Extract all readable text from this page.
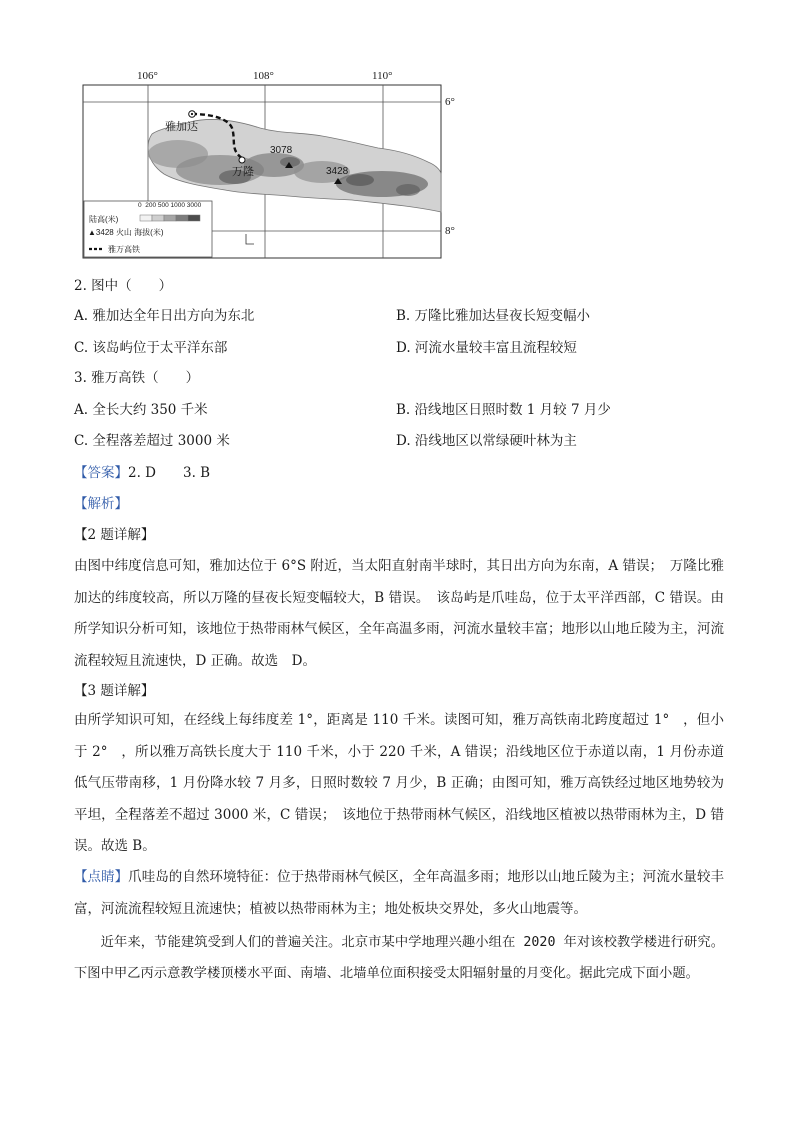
106°	108°	110°
6°
8°
雅加达
万隆
3078
3428
陆高(米)
0  200 500 1000 3000
▲3428 火山 海拔(米)
雅万高铁
2. 图中（　　）
A. 雅加达全年日出方向为东北	B. 万隆比雅加达昼夜长短变幅小
C. 该岛屿位于太平洋东部	D. 河流水量较丰富且流程较短
3. 雅万高铁（　　）
A. 全长大约 350 千米	B. 沿线地区日照时数 1 月较 7 月少
C. 全程落差超过 3000 米	D. 沿线地区以常绿硬叶林为主
【答案】2. D　　3. B
【解析】
【2 题详解】
由图中纬度信息可知，雅加达位于 6°S 附近，当太阳直射南半球时，其日出方向为东南，A 错误；　万隆比雅加达的纬度较高，所以万隆的昼夜长短变幅较大，B 错误。　该岛屿是爪哇岛，位于太平洋西部，C 错误。由所学知识分析可知，该地位于热带雨林气候区，全年高温多雨，河流水量较丰富；地形以山地丘陵为主，河流流程较短且流速快，D 正确。故选　D。
【3 题详解】
由所学知识可知，在经线上每纬度差 1°，距离是 110 千米。读图可知，雅万高铁南北跨度超过 1°　，但小于 2°　，所以雅万高铁长度大于 110 千米，小于 220 千米，A 错误；沿线地区位于赤道以南，1 月份赤道低气压带南移，1 月份降水较 7 月多，日照时数较 7 月少，B 正确；由图可知，雅万高铁经过地区地势较为平坦，全程落差不超过 3000 米，C 错误；　该地位于热带雨林气候区，沿线地区植被以热带雨林为主，D 错误。故选 B。
【点睛】爪哇岛的自然环境特征：位于热带雨林气候区，全年高温多雨；地形以山地丘陵为主；河流水量较丰富，河流流程较短且流速快；植被以热带雨林为主；地处板块交界处，多火山地震等。
近年来，节能建筑受到人们的普遍关注。北京市某中学地理兴趣小组在 2020 年对该校教学楼进行研究。下图中甲乙丙示意教学楼顶楼水平面、南墙、北墙单位面积接受太阳辐射量的月变化。据此完成下面小题。
